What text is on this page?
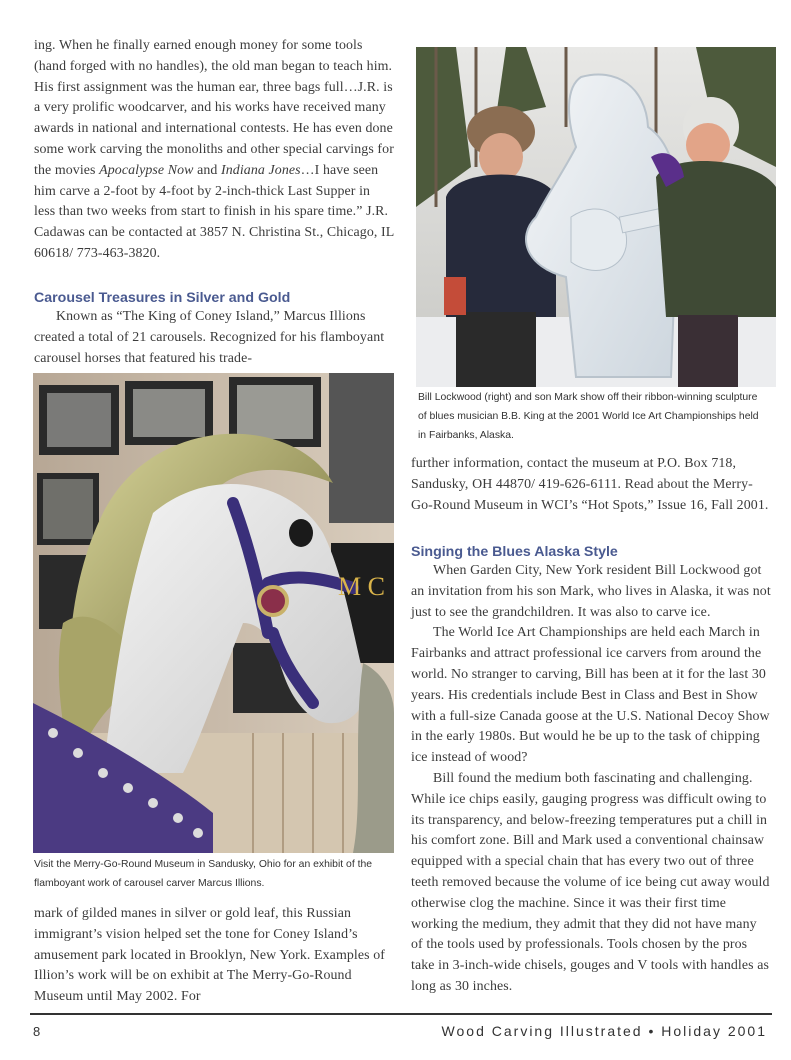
ing. When he finally earned enough money for some tools (hand forged with no handles), the old man began to teach him. His first assignment was the human ear, three bags full…J.R. is a very prolific woodcarver, and his works have received many awards in national and international contests. He has even done some work carving the monoliths and other special carvings for the movies Apocalypse Now and Indiana Jones…I have seen him carve a 2-foot by 4-foot by 2-inch-thick Last Supper in less than two weeks from start to finish in his spare time.” J.R. Cadawas can be contacted at 3857 N. Christina St., Chicago, IL 60618/ 773-463-3820.

Carousel Treasures in Silver and Gold

Known as “The King of Coney Island,” Marcus Illions created a total of 21 carousels. Recognized for his flamboyant carousel horses that featured his trade-

M C

Visit the Merry-Go-Round Museum in Sandusky, Ohio for an exhibit of the flamboyant work of carousel carver Marcus Illions.

mark of gilded manes in silver or gold leaf, this Russian immigrant’s vision helped set the tone for Coney Island’s amusement park located in Brooklyn, New York. Examples of Illion’s work will be on exhibit at The Merry-Go-Round Museum until May 2002. For

Bill Lockwood (right) and son Mark show off their ribbon-winning sculpture of blues musician B.B. King at the 2001 World Ice Art Championships held in Fairbanks, Alaska.

further information, contact the museum at P.O. Box 718, Sandusky, OH 44870/ 419-626-6111. Read about the Merry-Go-Round Museum in WCI’s “Hot Spots,” Issue 16, Fall 2001.

Singing the Blues Alaska Style

When Garden City, New York resident Bill Lockwood got an invitation from his son Mark, who lives in Alaska, it was not just to see the grandchildren. It was also to carve ice.

The World Ice Art Championships are held each March in Fairbanks and attract professional ice carvers from around the world. No stranger to carving, Bill has been at it for the last 30 years. His credentials include Best in Class and Best in Show with a full-size Canada goose at the U.S. National Decoy Show in the early 1980s. But would he be up to the task of chipping ice instead of wood?

Bill found the medium both fascinating and challenging. While ice chips easily, gauging progress was difficult owing to its transparency, and below-freezing temperatures put a chill in his comfort zone. Bill and Mark used a conventional chainsaw equipped with a special chain that has every two out of three teeth removed because the volume of ice being cut away would otherwise clog the machine. Since it was their first time working the medium, they admit that they did not have many of the tools used by professionals. Tools chosen by the pros take in 3-inch-wide chisels, gouges and V tools with handles as long as 30 inches.

8	Wood Carving Illustrated • Holiday 2001
